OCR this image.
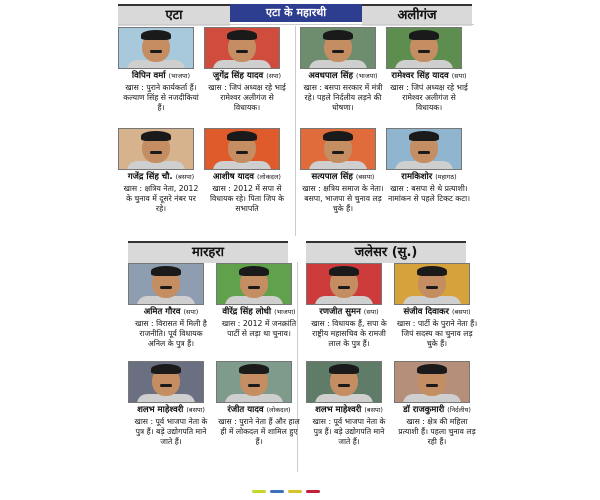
एटा	एटा के महारथी	अलीगंज
मारहरा	जलेसर (सु.)
विपिन वर्मा (भाजपा)
खास : पुराने कार्यकर्ता हैं। कल्याण सिंह से नजदीकियां हैं।
जुगेंद्र सिंह यादव (सपा)
खास : जिपं अध्यक्ष रहे भाई रामेश्वर अलीगंज से विधायक।
अवधपाल सिंह (भाजपा)
खास : बसपा सरकार में मंत्री रहे। पहले निर्दलीय लड़ने की घोषणा।
रामेश्वर सिंह यादव (सपा)
खास : जिपं अध्यक्ष रहे भाई रामेश्वर अलीगंज से विधायक।
गजेंद्र सिंह चौ. (बसपा)
खास : क्षत्रिय नेता, 2012 के चुनाव में दूसरे नंबर पर रहे।
आशीष यादव (लोकदल)
खास : 2012 में सपा से विधायक रहे। पिता जिप के सभापति
सत्यपाल सिंह (बसपा)
खास : क्षत्रिय समाज के नेता। बसपा, भाजपा से चुनाव लड़ चुके हैं।
रामकिशोर (महागठ)
खास : बसपा से थे प्रत्याशी। नामांकन से पहले टिकट कटा।
अमित गौरव (सपा)
खास : विरासत में मिली है राजनीति। पूर्व विधायक अनिल के पुत्र हैं।
वीरेंद्र सिंह लोधी (भाजपा)
खास : 2012 में जनक्रांति पार्टी से लड़ा था चुनाव।
रणजीत सुमन (सपा)
खास : विधायक हैं, सपा के राष्ट्रीय महासचिव के रामजी लाल के पुत्र हैं।
संजीव दिवाकर (बसपा)
खास : पार्टी के पुराने नेता हैं। जिपं सदस्य का चुनाव लड़ चुके हैं।
शलभ माहेश्वरी (बसपा)
खास : पूर्व भाजपा नेता के पुत्र हैं। बड़े उद्योगपति माने जाते हैं।
रंजीत यादव (लोकदल)
खास : पुराने नेता हैं और हाल ही में लोकदल में शामिल हुए हैं।
शलभ माहेश्वरी (बसपा)
खास : पूर्व भाजपा नेता के पुत्र हैं। बड़े उद्योगपति माने जाते हैं।
डॉ राजकुमारी (निर्दलीय)
खास : क्षेत्र की महिला प्रत्याशी हैं। पहला चुनाव लड़ रही हैं।
